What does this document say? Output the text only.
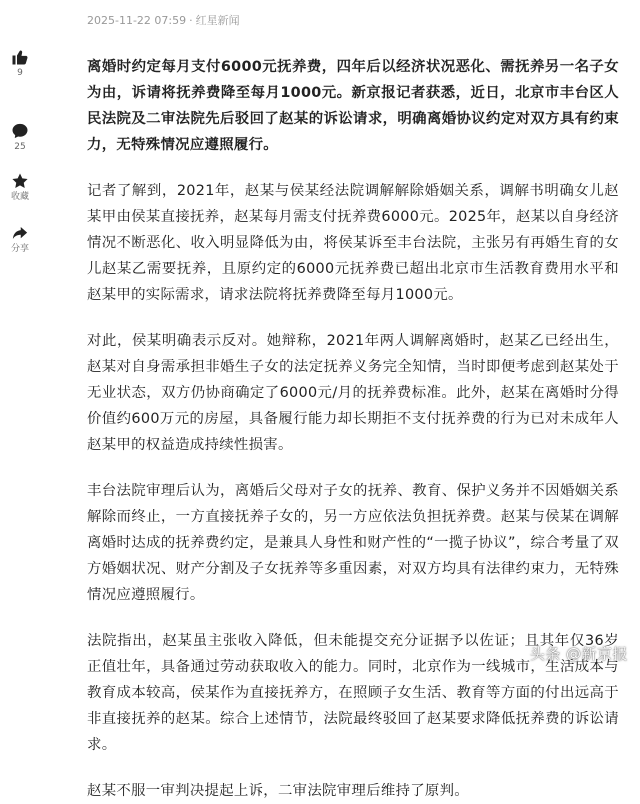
2025-11-22 07:59 · 红星新闻
9
25
收藏
分享

离婚时约定每月支付6000元抚养费，四年后以经济状况恶化、需抚养另一名子女为由，诉请将抚养费降至每月1000元。新京报记者获悉，近日，北京市丰台区人民法院及二审法院先后驳回了赵某的诉讼请求，明确离婚协议约定对双方具有约束力，无特殊情况应遵照履行。

记者了解到，2021年，赵某与侯某经法院调解解除婚姻关系，调解书明确女儿赵某甲由侯某直接抚养，赵某每月需支付抚养费6000元。2025年，赵某以自身经济情况不断恶化、收入明显降低为由，将侯某诉至丰台法院，主张另有再婚生育的女儿赵某乙需要抚养，且原约定的6000元抚养费已超出北京市生活教育费用水平和赵某甲的实际需求，请求法院将抚养费降至每月1000元。

对此，侯某明确表示反对。她辩称，2021年两人调解离婚时，赵某乙已经出生，赵某对自身需承担非婚生子女的法定抚养义务完全知情，当时即便考虑到赵某处于无业状态，双方仍协商确定了6000元/月的抚养费标准。此外，赵某在离婚时分得价值约600万元的房屋，具备履行能力却长期拒不支付抚养费的行为已对未成年人赵某甲的权益造成持续性损害。

丰台法院审理后认为，离婚后父母对子女的抚养、教育、保护义务并不因婚姻关系解除而终止，一方直接抚养子女的，另一方应依法负担抚养费。赵某与侯某在调解离婚时达成的抚养费约定，是兼具人身性和财产性的“一揽子协议”，综合考量了双方婚姻状况、财产分割及子女抚养等多重因素，对双方均具有法律约束力，无特殊情况应遵照履行。

法院指出，赵某虽主张收入降低，但未能提交充分证据予以佐证；且其年仅36岁正值壮年，具备通过劳动获取收入的能力。同时，北京作为一线城市，生活成本与教育成本较高，侯某作为直接抚养方，在照顾子女生活、教育等方面的付出远高于非直接抚养的赵某。综合上述情节，法院最终驳回了赵某要求降低抚养费的诉讼请求。

赵某不服一审判决提起上诉，二审法院审理后维持了原判。

头条 @新京报
